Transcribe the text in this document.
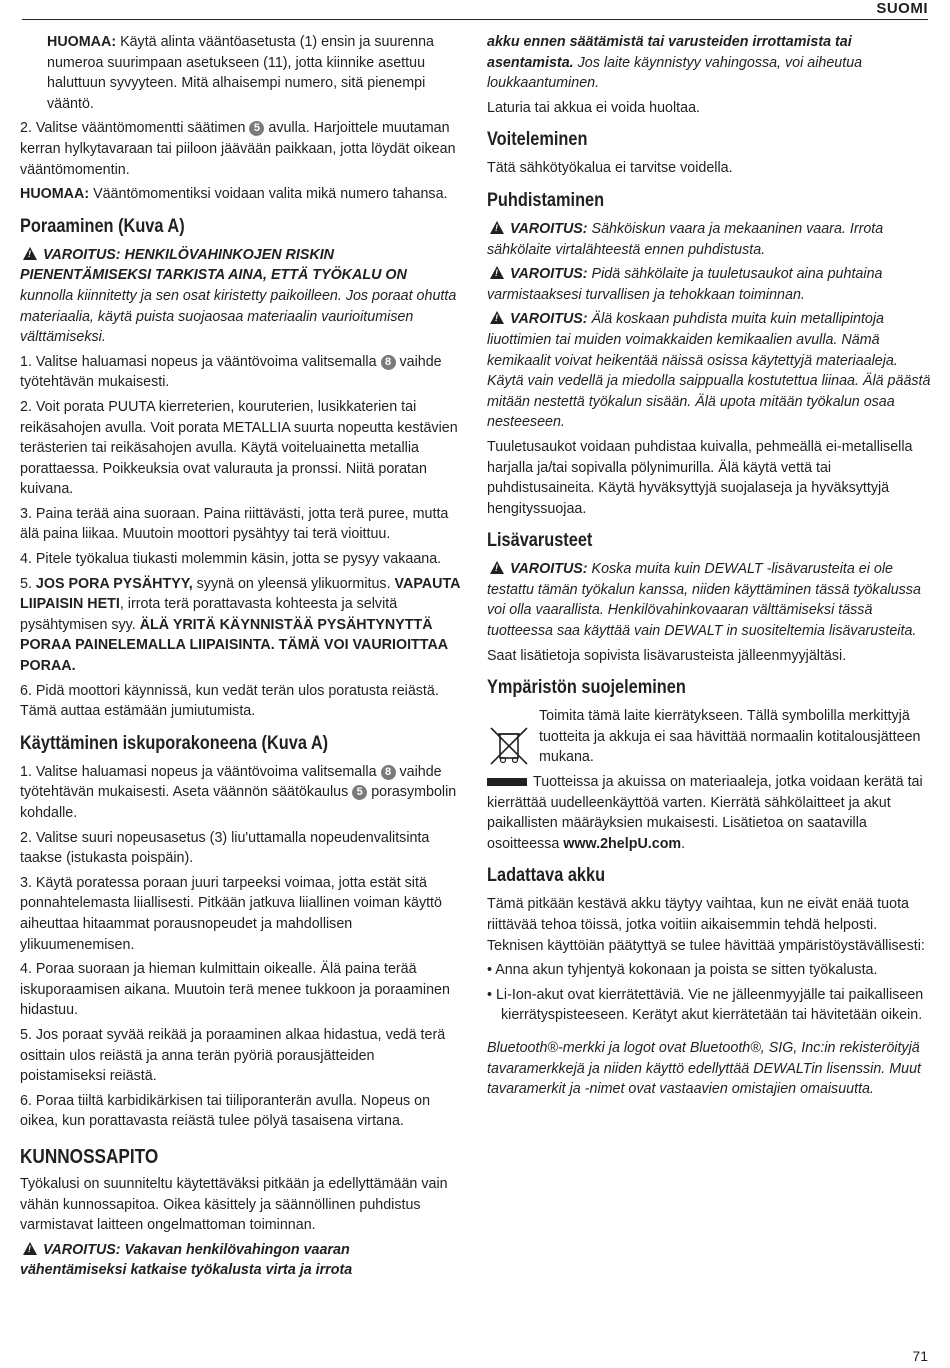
SUOMI

HUOMAA: Käytä alinta vääntöasetusta (1) ensin ja suurenna numeroa suurimpaan asetukseen (11), jotta kiinnike asettuu haluttuun syvyyteen. Mitä alhaisempi numero, sitä pienempi vääntö.

2. Valitse vääntömomentti säätimen 5 avulla. Harjoittele muutaman kerran hylkytavaraan tai piiloon jäävään paikkaan, jotta löydät oikean vääntömomentin.

HUOMAA: Vääntömomentiksi voidaan valita mikä numero tahansa.

Poraaminen (Kuva A)

!VAROITUS: HENKILÖVAHINKOJEN RISKIN PIENENTÄMISEKSI TARKISTA AINA, ETTÄ TYÖKALU ON kunnolla kiinnitetty ja sen osat kiristetty paikoilleen. Jos poraat ohutta materiaalia, käytä puista suojaosaa materiaalin vaurioitumisen välttämiseksi.

1. Valitse haluamasi nopeus ja vääntövoima valitsemalla 8 vaihde työtehtävän mukaisesti.

2. Voit porata PUUTA kierreterien, kouruterien, lusikkaterien tai reikäsahojen avulla. Voit porata METALLIA suurta nopeutta kestävien terästerien tai reikäsahojen avulla. Käytä voiteluainetta metallia porattaessa. Poikkeuksia ovat valurauta ja pronssi. Niitä poratan kuivana.

3. Paina terää aina suoraan. Paina riittävästi, jotta terä puree, mutta älä paina liikaa. Muutoin moottori pysähtyy tai terä vioittuu.

4. Pitele työkalua tiukasti molemmin käsin, jotta se pysyy vakaana.

5. JOS PORA PYSÄHTYY, syynä on yleensä ylikuormitus. VAPAUTA LIIPAISIN HETI, irrota terä porattavasta kohteesta ja selvitä pysähtymisen syy. ÄLÄ YRITÄ KÄYNNISTÄÄ PYSÄHTYNYTTÄ PORAA PAINELEMALLA LIIPAISINTA. TÄMÄ VOI VAURIOITTAA PORAA.

6. Pidä moottori käynnissä, kun vedät terän ulos poratusta reiästä. Tämä auttaa estämään jumiutumista.

Käyttäminen iskuporakoneena (Kuva A)

1. Valitse haluamasi nopeus ja vääntövoima valitsemalla 8 vaihde työtehtävän mukaisesti. Aseta väännön säätökaulus 5 porasymbolin kohdalle.

2. Valitse suuri nopeusasetus (3) liu'uttamalla nopeudenvalitsinta taakse (istukasta poispäin).

3. Käytä poratessa poraan juuri tarpeeksi voimaa, jotta estät sitä ponnahtelemasta liiallisesti. Pitkään jatkuva liiallinen voiman käyttö aiheuttaa hitaammat porausnopeudet ja mahdollisen ylikuumenemisen.

4. Poraa suoraan ja hieman kulmittain oikealle. Älä paina terää iskuporaamisen aikana. Muutoin terä menee tukkoon ja poraaminen hidastuu.

5. Jos poraat syvää reikää ja poraaminen alkaa hidastua, vedä terä osittain ulos reiästä ja anna terän pyöriä porausjätteiden poistamiseksi reiästä.

6. Poraa tiiltä karbidikärkisen tai tiiliporanterän avulla. Nopeus on oikea, kun porattavasta reiästä tulee pölyä tasaisena virtana.

KUNNOSSAPITO

Työkalusi on suunniteltu käytettäväksi pitkään ja edellyttämään vain vähän kunnossapitoa. Oikea käsittely ja säännöllinen puhdistus varmistavat laitteen ongelmattoman toiminnan.

!VAROITUS: Vakavan henkilövahingon vaaran vähentämiseksi katkaise työkalusta virta ja irrota

akku ennen säätämistä tai varusteiden irrottamista tai asentamista. Jos laite käynnistyy vahingossa, voi aiheutua loukkaantuminen.

Laturia tai akkua ei voida huoltaa.

Voiteleminen

Tätä sähkötyökalua ei tarvitse voidella.

Puhdistaminen

!VAROITUS: Sähköiskun vaara ja mekaaninen vaara. Irrota sähkölaite virtalähteestä ennen puhdistusta.

!VAROITUS: Pidä sähkölaite ja tuuletusaukot aina puhtaina varmistaaksesi turvallisen ja tehokkaan toiminnan.

!VAROITUS: Älä koskaan puhdista muita kuin metallipintoja liuottimien tai muiden voimakkaiden kemikaalien avulla. Nämä kemikaalit voivat heikentää näissä osissa käytettyjä materiaaleja. Käytä vain vedellä ja miedolla saippualla kostutettua liinaa. Älä päästä mitään nestettä työkalun sisään. Älä upota mitään työkalun osaa nesteeseen.

Tuuletusaukot voidaan puhdistaa kuivalla, pehmeällä ei-metallisella harjalla ja/tai sopivalla pölynimurilla. Älä käytä vettä tai puhdistusaineita. Käytä hyväksyttyjä suojalaseja ja hyväksyttyjä hengityssuojaa.

Lisävarusteet

!VAROITUS: Koska muita kuin DEWALT -lisävarusteita ei ole testattu tämän työkalun kanssa, niiden käyttäminen tässä työkalussa voi olla vaarallista. Henkilövahinkovaaran välttämiseksi tässä tuotteessa saa käyttää vain DEWALT in suositeltemia lisävarusteita.

Saat lisätietoja sopivista lisävarusteista jälleenmyyjältäsi.

Ympäristön suojeleminen

Toimita tämä laite kierrätykseen. Tällä symbolilla merkittyjä tuotteita ja akkuja ei saa hävittää normaalin kotitalousjätteen mukana.

Tuotteissa ja akuissa on materiaaleja, jotka voidaan kerätä tai kierrättää uudelleenkäyttöä varten. Kierrätä sähkölaitteet ja akut paikallisten määräyksien mukaisesti. Lisätietoa on saatavilla osoitteessa www.2helpU.com.

Ladattava akku

Tämä pitkään kestävä akku täytyy vaihtaa, kun ne eivät enää tuota riittävää tehoa töissä, jotka voitiin aikaisemmin tehdä helposti. Teknisen käyttöiän päätyttyä se tulee hävittää ympäristöystävällisesti:

• Anna akun tyhjentyä kokonaan ja poista se sitten työkalusta.

• Li-Ion-akut ovat kierrätettäviä. Vie ne jälleenmyyjälle tai paikalliseen kierrätyspisteeseen. Kerätyt akut kierrätetään tai hävitetään oikein.

Bluetooth®-merkki ja logot ovat Bluetooth®, SIG, Inc:in rekisteröityjä tavaramerkkejä ja niiden käyttö edellyttää DEWALTin lisenssin. Muut tavaramerkit ja -nimet ovat vastaavien omistajien omaisuutta.

71
